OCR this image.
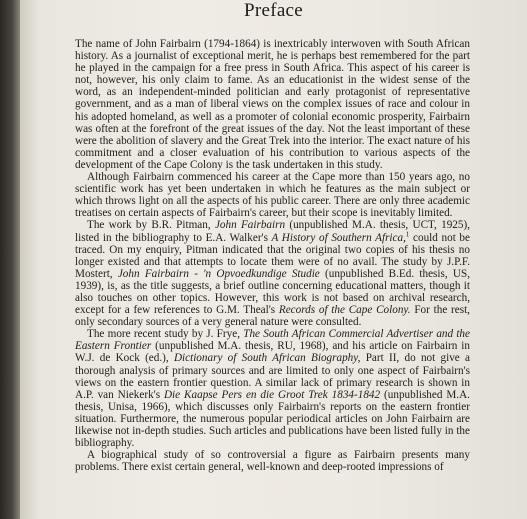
Preface

The name of John Fairbairn (1794-1864) is inextricably interwoven with South African history. As a journalist of exceptional merit, he is perhaps best remembered for the part he played in the campaign for a free press in South Africa. This aspect of his career is not, however, his only claim to fame. As an educationist in the widest sense of the word, as an independent-minded politician and early protagonist of representative government, and as a man of liberal views on the complex issues of race and colour in his adopted homeland, as well as a promoter of colonial economic prosperity, Fairbairn was often at the forefront of the great issues of the day. Not the least important of these were the abolition of slavery and the Great Trek into the interior. The exact nature of his commitment and a closer evaluation of his contribution to various aspects of the development of the Cape Colony is the task undertaken in this study.

Although Fairbairn commenced his career at the Cape more than 150 years ago, no scientific work has yet been undertaken in which he features as the main subject or which throws light on all the aspects of his public career. There are only three academic treatises on certain aspects of Fairbairn's career, but their scope is inevitably limited.

The work by B.R. Pitman, John Fairbairn (unpublished M.A. thesis, UCT, 1925), listed in the bibliography to E.A. Walker's A History of Southern Africa,$^1$ could not be traced. On my enquiry, Pitman indicated that the original two copies of his thesis no longer existed and that attempts to locate them were of no avail. The study by J.P.F. Mostert, John Fairbairn - 'n Opvoedkundige Studie (unpublished B.Ed. thesis, US, 1939), is, as the title suggests, a brief outline concerning educational matters, though it also touches on other topics. However, this work is not based on archival research, except for a few references to G.M. Theal's Records of the Cape Colony. For the rest, only secondary sources of a very general nature were consulted.

The more recent study by J. Frye, The South African Commercial Advertiser and the Eastern Frontier (unpublished M.A. thesis, RU, 1968), and his article on Fairbairn in W.J. de Kock (ed.), Dictionary of South African Biography, Part II, do not give a thorough analysis of primary sources and are limited to only one aspect of Fairbairn's views on the eastern frontier question. A similar lack of primary research is shown in A.P. van Niekerk's Die Kaapse Pers en die Groot Trek 1834-1842 (unpublished M.A. thesis, Unisa, 1966), which discusses only Fairbairn's reports on the eastern frontier situation. Furthermore, the numerous popular periodical articles on John Fairbairn are likewise not in-depth studies. Such articles and publications have been listed fully in the bibliography.

A biographical study of so controversial a figure as Fairbairn presents many problems. There exist certain general, well-known and deep-rooted impressions of
